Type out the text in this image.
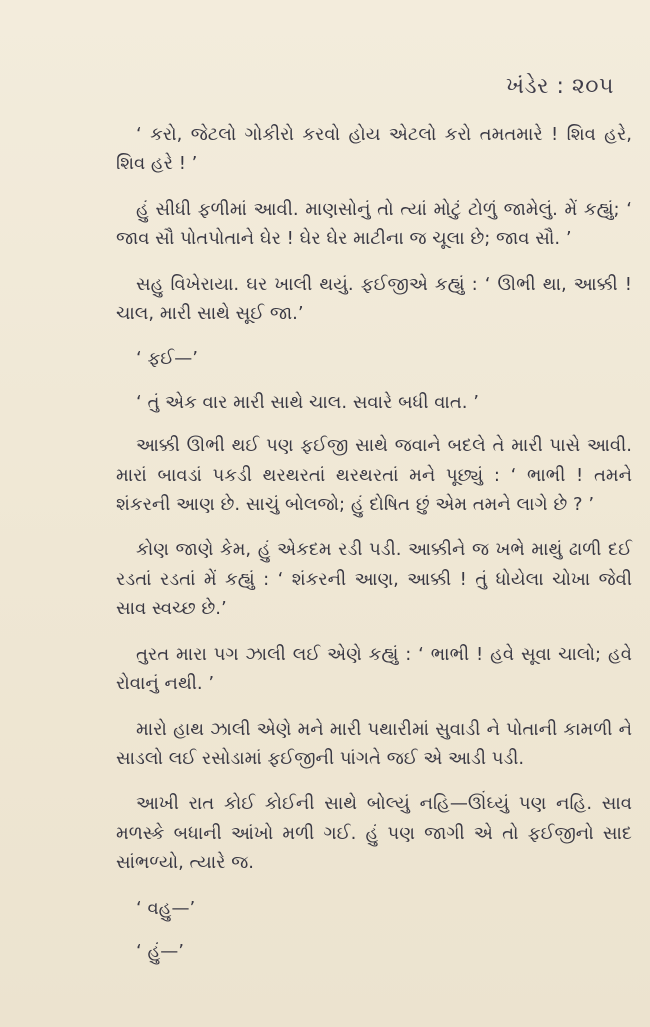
ખંડેર : ૨૦૫

‘ કરો, જેટલો ગોકીરો કરવો હોય એટલો કરો તમતમારે ! શિવ હરે, શિવ હરે ! ’

હું સીધી ફળીમાં આવી. માણસોનું તો ત્યાં મોટું ટોળું જામેલું. મેં કહ્યું; ‘ જાવ સૌ પોતપોતાને ઘેર ! ઘેર ઘેર માટીના જ ચૂલા છે; જાવ સૌ. ’

સહુ વિખેરાયા. ઘર ખાલી થયું. ફઈજીએ કહ્યું : ‘ ઊભી થા, આક્કી ! ચાલ, મારી સાથે સૂઈ જા.’

‘ ફઈ—’

‘ તું એક વાર મારી સાથે ચાલ. સવારે બધી વાત. ’

આક્કી ઊભી થઈ પણ ફઈજી સાથે જવાને બદલે તે મારી પાસે આવી. મારાં બાવડાં પકડી થરથરતાં થરથરતાં મને પૂછ્યું : ‘ ભાભી ! તમને શંકરની આણ છે. સાચું બોલજો; હું દોષિત છું એમ તમને લાગે છે ? ’

કોણ જાણે કેમ, હું એકદમ રડી પડી. આક્કીને જ ખભે માથું ઢાળી દઈ રડતાં રડતાં મેં કહ્યું : ‘ શંકરની આણ, આક્કી ! તું ધોયેલા ચોખા જેવી સાવ સ્વચ્છ છે.’

તુરત મારા પગ ઝાલી લઈ એણે કહ્યું : ‘ ભાભી ! હવે સૂવા ચાલો; હવે રોવાનું નથી. ’

મારો હાથ ઝાલી એણે મને મારી પથારીમાં સુવાડી ને પોતાની કામળી ને સાડલો લઈ રસોડામાં ફઈજીની પાંગતે જઈ એ આડી પડી.

આખી રાત કોઈ કોઈની સાથે બોલ્યું નહિ—ઊંઘ્યું પણ નહિ. સાવ મળસ્કે બધાની આંખો મળી ગઈ. હું પણ જાગી એ તો ફઈજીનો સાદ સાંભળ્યો, ત્યારે જ.

‘ વહુ—’

‘ હું—’
